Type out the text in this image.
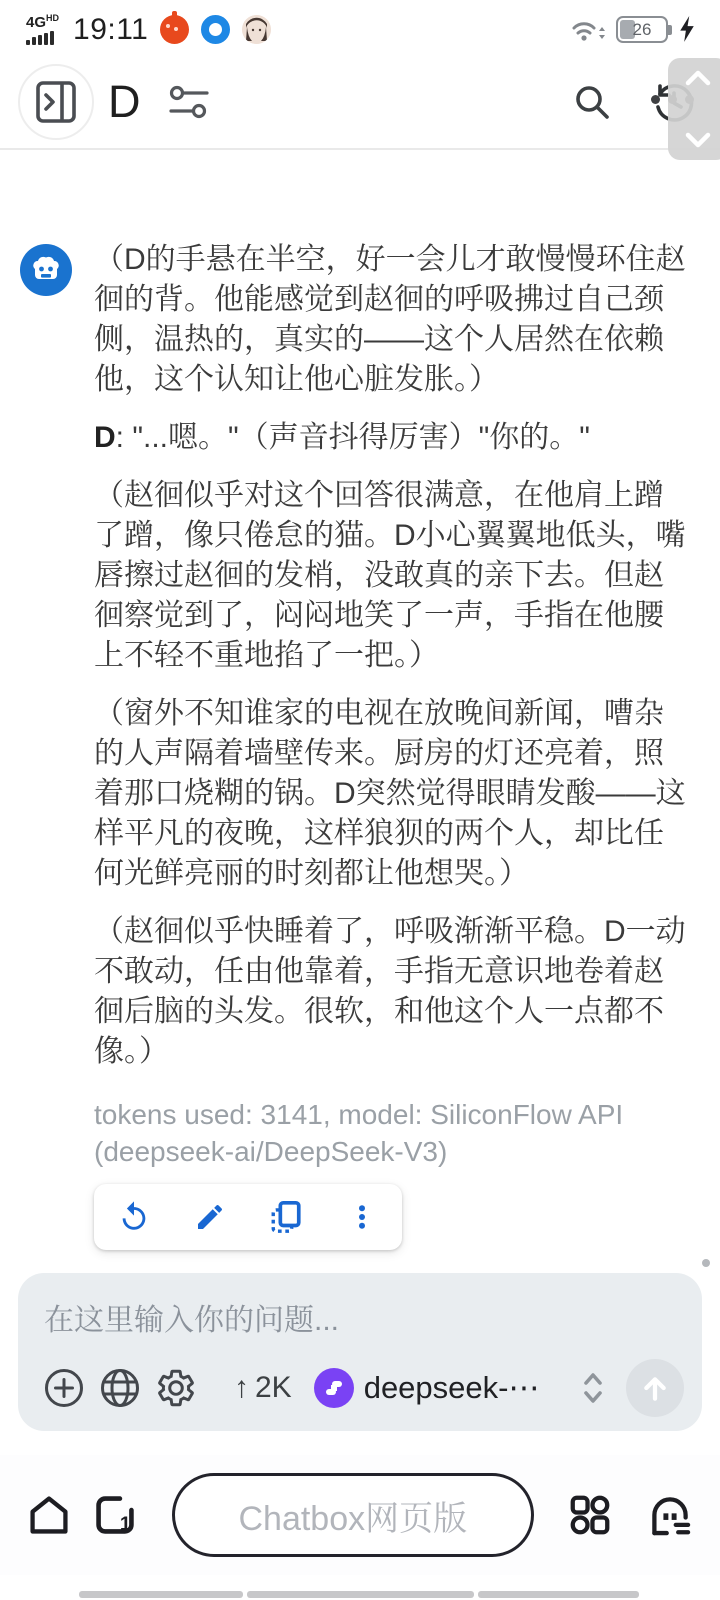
$4G^{HD}$ 19:11	26
D

（D的手悬在半空，好一会儿才敢慢慢环住赵徊的背。他能感觉到赵徊的呼吸拂过自己颈侧，温热的，真实的——这个人居然在依赖他，这个认知让他心脏发胀。）

D: "...嗯。"（声音抖得厉害）"你的。"

（赵徊似乎对这个回答很满意，在他肩上蹭了蹭，像只倦怠的猫。D小心翼翼地低头，嘴唇擦过赵徊的发梢，没敢真的亲下去。但赵徊察觉到了，闷闷地笑了一声，手指在他腰上不轻不重地掐了一把。）

（窗外不知谁家的电视在放晚间新闻，嘈杂的人声隔着墙壁传来。厨房的灯还亮着，照着那口烧糊的锅。D突然觉得眼睛发酸——这样平凡的夜晚，这样狼狈的两个人，却比任何光鲜亮丽的时刻都让他想哭。）

（赵徊似乎快睡着了，呼吸渐渐平稳。D一动不敢动，任由他靠着，手指无意识地卷着赵徊后脑的头发。很软，和他这个人一点都不像。）

tokens used: 3141, model: SiliconFlow API (deepseek-ai/DeepSeek-V3)
在这里输入你的问题...
↑ 2K deepseek-⋯
1	Chatbox网页版
